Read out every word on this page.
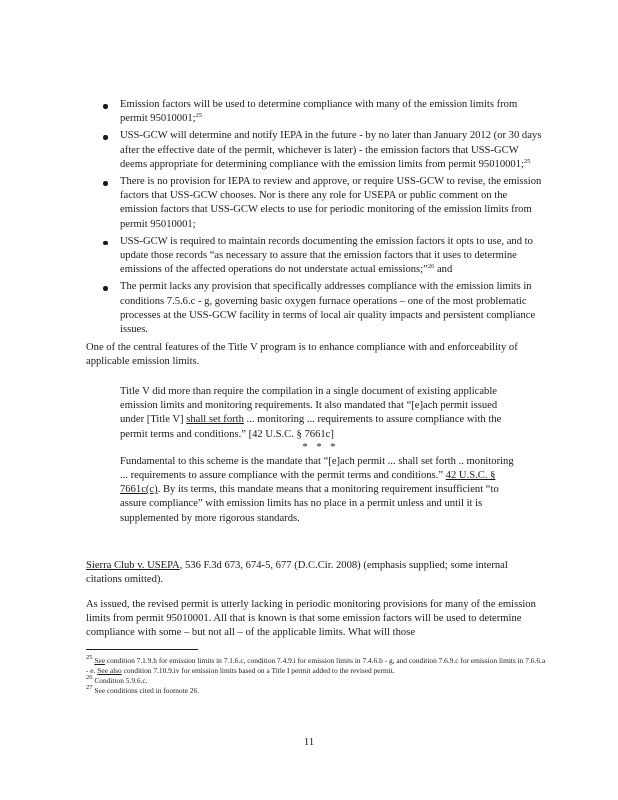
Emission factors will be used to determine compliance with many of the emission limits from permit 95010001;$^{25}$
USS-GCW will determine and notify IEPA in the future - by no later than January 2012 (or 30 days after the effective date of the permit, whichever is later) - the emission factors that USS-GCW deems appropriate for determining compliance with the emission limits from permit 95010001;$^{25}$
There is no provision for IEPA to review and approve, or require USS-GCW to revise, the emission factors that USS-GCW chooses. Nor is there any role for USEPA or public comment on the emission factors that USS-GCW elects to use for periodic monitoring of the emission limits from permit 95010001;
USS-GCW is required to maintain records documenting the emission factors it opts to use, and to update those records “as necessary to assure that the emission factors that it uses to determine emissions of the affected operations do not understate actual emissions;”$^{26}$ and
The permit lacks any provision that specifically addresses compliance with the emission limits in conditions 7.5.6.c - g, governing basic oxygen furnace operations – one of the most problematic processes at the USS-GCW facility in terms of local air quality impacts and persistent compliance issues.

One of the central features of the Title V program is to enhance compliance with and enforceability of applicable emission limits.

Title V did more than require the compilation in a single document of existing applicable emission limits and monitoring requirements. It also mandated that “[e]ach permit issued under [Title V] shall set forth ... monitoring ... requirements to assure compliance with the permit terms and conditions.” [42 U.S.C. § 7661c]

* * *

Fundamental to this scheme is the mandate that “[e]ach permit ... shall set forth .. monitoring ... requirements to assure compliance with the permit terms and conditions.” 42 U.S.C. § 7661c(c). By its terms, this mandate means that a monitoring requirement insufficient “to assure compliance” with emission limits has no place in a permit unless and until it is supplemented by more rigorous standards.

Sierra Club v. USEPA, 536 F.3d 673, 674-5, 677 (D.C.Cir. 2008) (emphasis supplied; some internal citations omitted).

As issued, the revised permit is utterly lacking in periodic monitoring provisions for many of the emission limits from permit 95010001. All that is known is that some emission factors will be used to determine compliance with some – but not all – of the applicable limits. What will those

$^{25}$ See condition 7.1.9.h for emission limits in 7.1.6.c, condition 7.4.9.i for emission limits in 7.4.6.b - g, and condition 7.6.9.c for emission limits in 7.6.6.a - e. See also condition 7.10.9.iv for emission limits based on a Title I permit added to the revised permit.

$^{26}$ Condition 5.9.6.c.

$^{27}$ See conditions cited in footnote 26.

11
